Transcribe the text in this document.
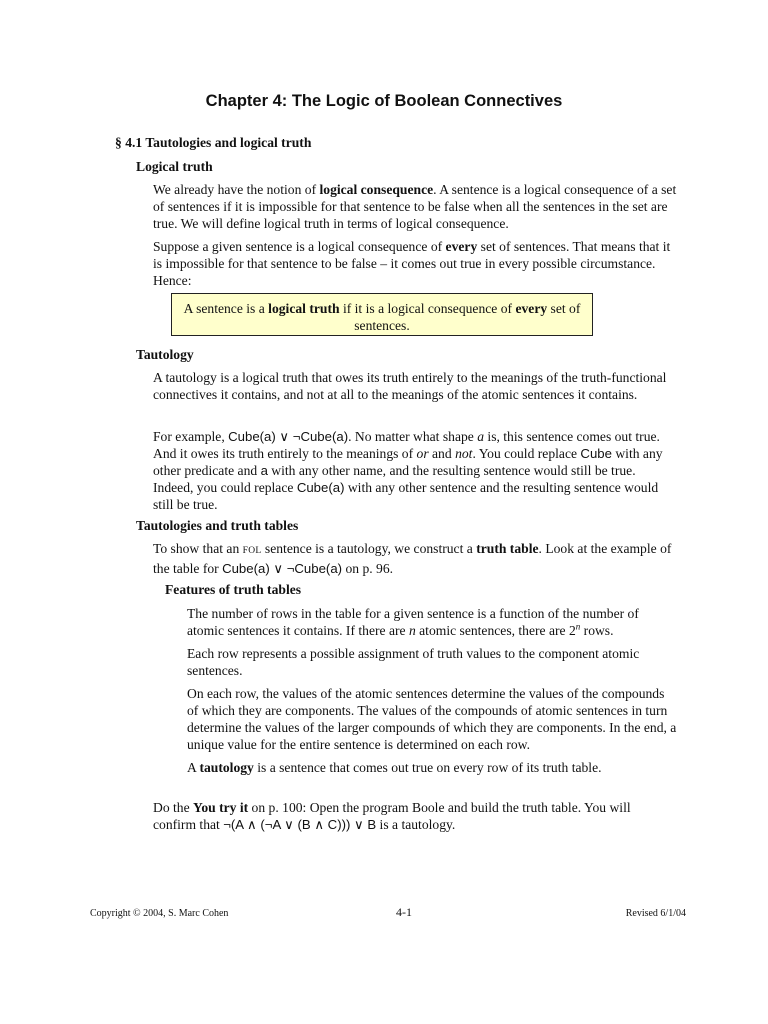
Chapter 4: The Logic of Boolean Connectives
§ 4.1 Tautologies and logical truth
Logical truth

We already have the notion of logical consequence. A sentence is a logical consequence of a set of sentences if it is impossible for that sentence to be false when all the sentences in the set are true. We will define logical truth in terms of logical consequence.

Suppose a given sentence is a logical consequence of every set of sentences. That means that it is impossible for that sentence to be false – it comes out true in every possible circumstance. Hence:

A sentence is a logical truth if it is a logical consequence of every set of sentences.
Tautology

A tautology is a logical truth that owes its truth entirely to the meanings of the truth-functional connectives it contains, and not at all to the meanings of the atomic sentences it contains.

For example, Cube(a) ∨ ¬Cube(a). No matter what shape a is, this sentence comes out true. And it owes its truth entirely to the meanings of or and not. You could replace Cube with any other predicate and a with any other name, and the resulting sentence would still be true. Indeed, you could replace Cube(a) with any other sentence and the resulting sentence would still be true.

Tautologies and truth tables

To show that an FOL sentence is a tautology, we construct a truth table. Look at the example of the table for Cube(a) ∨ ¬Cube(a) on p. 96.

Features of truth tables

The number of rows in the table for a given sentence is a function of the number of atomic sentences it contains. If there are n atomic sentences, there are 2$^n$ rows.

Each row represents a possible assignment of truth values to the component atomic sentences.

On each row, the values of the atomic sentences determine the values of the compounds of which they are components. The values of the compounds of atomic sentences in turn determine the values of the larger compounds of which they are components. In the end, a unique value for the entire sentence is determined on each row.

A tautology is a sentence that comes out true on every row of its truth table.

Do the You try it on p. 100: Open the program Boole and build the truth table. You will confirm that ¬(A ∧ (¬A ∨ (B ∧ C))) ∨ B is a tautology.

Copyright © 2004, S. Marc Cohen	4-1	Revised 6/1/04
